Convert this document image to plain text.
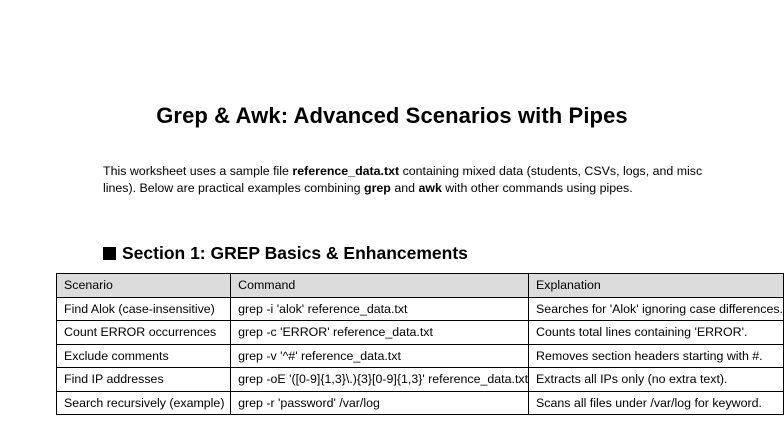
Grep & Awk: Advanced Scenarios with Pipes
This worksheet uses a sample file reference_data.txt containing mixed data (students, CSVs, logs, and misc lines). Below are practical examples combining grep and awk with other commands using pipes.
Section 1: GREP Basics & Enhancements
Scenario	Command	Explanation
Find Alok (case-insensitive)	grep -i 'alok' reference_data.txt	Searches for 'Alok' ignoring case differences.
Count ERROR occurrences	grep -c 'ERROR' reference_data.txt	Counts total lines containing 'ERROR'.
Exclude comments	grep -v '^#' reference_data.txt	Removes section headers starting with #.
Find IP addresses	grep -oE '([0-9]{1,3}\.){3}[0-9]{1,3}' reference_data.txt	Extracts all IPs only (no extra text).
Search recursively (example)	grep -r 'password' /var/log	Scans all files under /var/log for keyword.
